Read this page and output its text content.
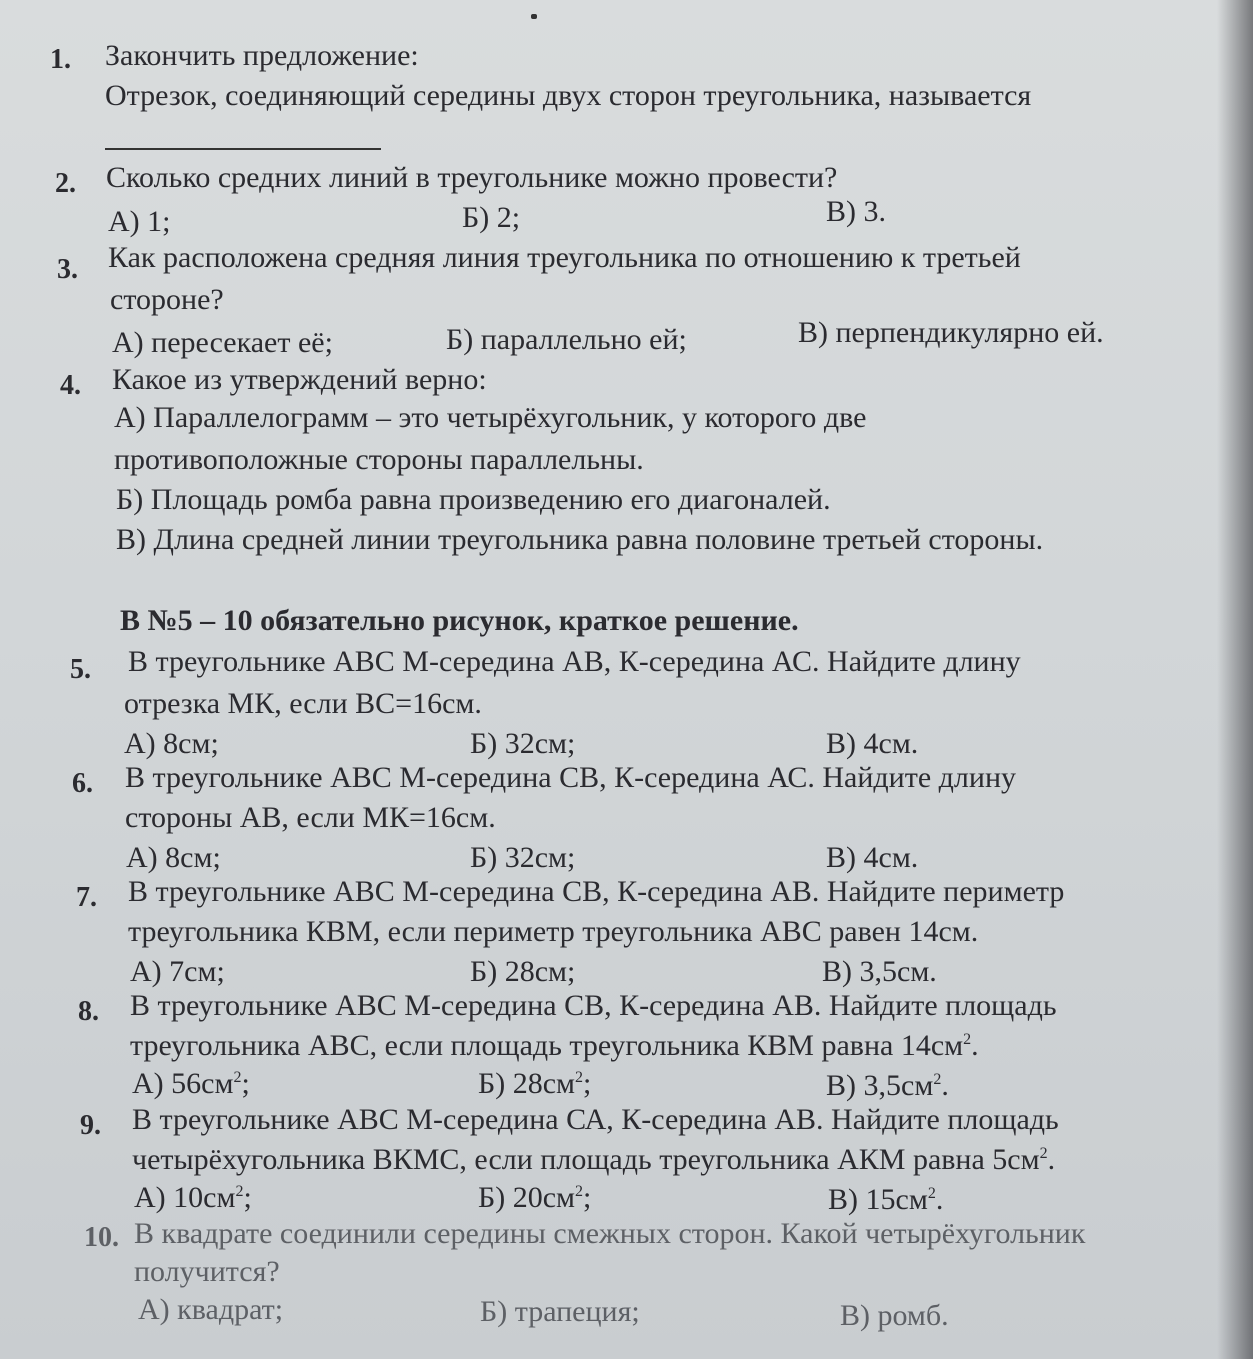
1. Закончить предложение:
Отрезок, соединяющий середины двух сторон треугольника, называется
2. Сколько средних линий в треугольнике можно провести?
А) 1;	Б) 2;	В) 3.
3. Как расположена средняя линия треугольника по отношению к третьей
стороне?
А) пересекает её;	Б) параллельно ей;	В) перпендикулярно ей.
4. Какое из утверждений верно:
А) Параллелограмм – это четырёхугольник, у которого две
противоположные стороны параллельны.
Б) Площадь ромба равна произведению его диагоналей.
В) Длина средней линии треугольника равна половине третьей стороны.
В №5 – 10 обязательно рисунок, краткое решение.
5. В треугольнике АВС М-середина АВ, К-середина АС. Найдите длину
отрезка МК, если ВС=16см.
А) 8см;	Б) 32см;	В) 4см.
6. В треугольнике АВС М-середина СВ, К-середина АС. Найдите длину
стороны АВ, если МК=16см.
А) 8см;	Б) 32см;	В) 4см.
7. В треугольнике АВС М-середина СВ, К-середина АВ. Найдите периметр
треугольника КВМ, если периметр треугольника АВС равен 14см.
А) 7см;	Б) 28см;	В) 3,5см.
8. В треугольнике АВС М-середина СВ, К-середина АВ. Найдите площадь
треугольника АВС, если площадь треугольника КВМ равна $14см^2$.
А) $56см^2$;	Б) $28см^2$;	В) $3,5см^2$.
9. В треугольнике АВС М-середина СА, К-середина АВ. Найдите площадь
четырёхугольника ВКМС, если площадь треугольника АКМ равна $5см^2$.
А) $10см^2$;	Б) $20см^2$;	В) $15см^2$.
10. В квадрате соединили середины смежных сторон. Какой четырёхугольник
получится?
А) квадрат;	Б) трапеция;	В) ромб.
